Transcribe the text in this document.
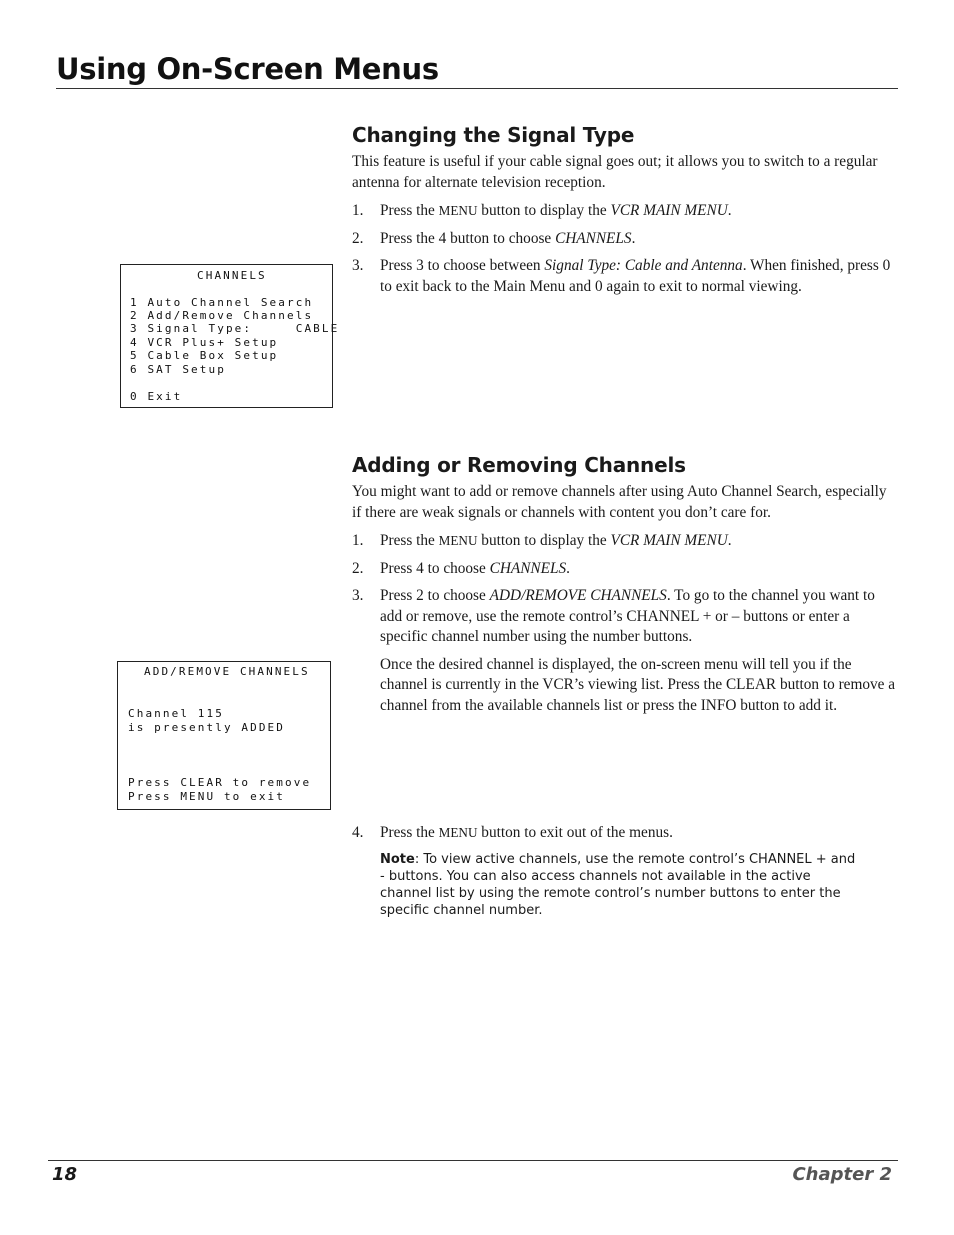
Using On-Screen Menus
Changing the Signal Type

This feature is useful if your cable signal goes out; it allows you to switch to a regular antenna for alternate television reception.

1. Press the MENU button to display the VCR MAIN MENU.
2. Press the 4 button to choose CHANNELS.
3. Press 3 to choose between Signal Type: Cable and Antenna. When finished, press 0 to exit back to the Main Menu and 0 again to exit to normal viewing.

CHANNELS

1 Auto Channel Search

2 Add/Remove Channels

3 Signal Type:     CABLE

4 VCR Plus+ Setup

5 Cable Box Setup

6 SAT Setup

0 Exit

Adding or Removing Channels

You might want to add or remove channels after using Auto Channel Search, especially if there are weak signals or channels with content you don’t care for.

1. Press the MENU button to display the VCR MAIN MENU.
2. Press 4 to choose CHANNELS.
3. Press 2 to choose ADD/REMOVE CHANNELS. To go to the channel you want to add or remove, use the remote control’s CHANNEL + or – buttons or enter a specific channel number using the number buttons.
Once the desired channel is displayed, the on-screen menu will tell you if the channel is currently in the VCR’s viewing list. Press the CLEAR button to remove a channel from the available channels list or press the INFO button to add it.

ADD/REMOVE CHANNELS

Channel 115

is presently ADDED

Press CLEAR to remove

Press MENU to exit

4. Press the MENU button to exit out of the menus.
Note: To view active channels, use the remote control’s CHANNEL + and - buttons. You can also access channels not available in the active channel list by using the remote control’s number buttons to enter the specific channel number.
18	Chapter 2
